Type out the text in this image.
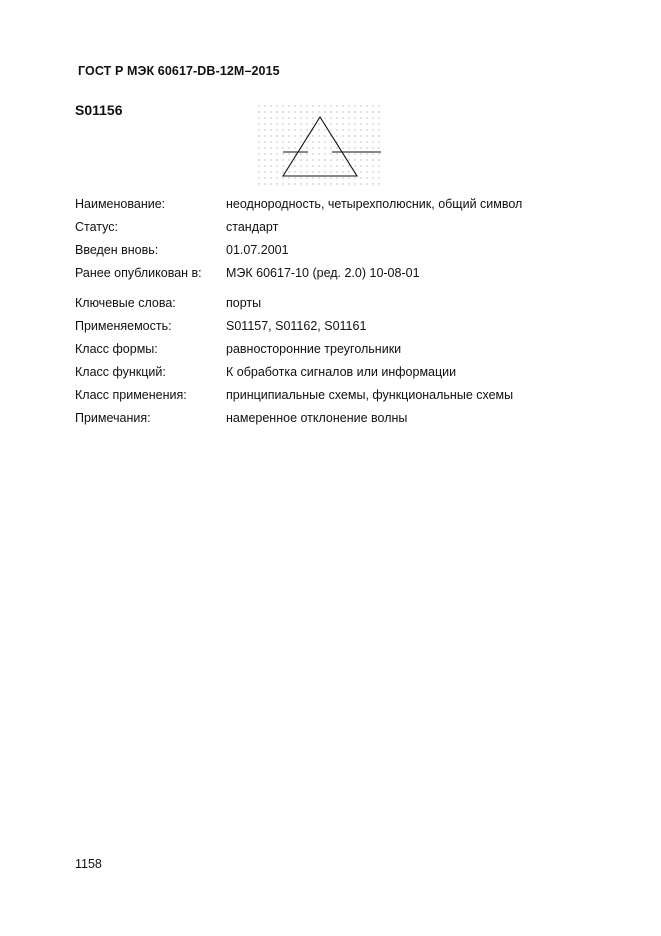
ГОСТ Р МЭК 60617-DB-12M–2015
S01156
Наименование:	неоднородность, четырехполюсник, общий символ
Статус:	стандарт
Введен вновь:	01.07.2001
Ранее опубликован в:	МЭК 60617-10 (ред. 2.0) 10-08-01
Ключевые слова:	порты
Применяемость:	S01157, S01162, S01161
Класс формы:	равносторонние треугольники
Класс функций:	К обработка сигналов или информации
Класс применения:	принципиальные схемы, функциональные схемы
Примечания:	намеренное отклонение волны
1158
